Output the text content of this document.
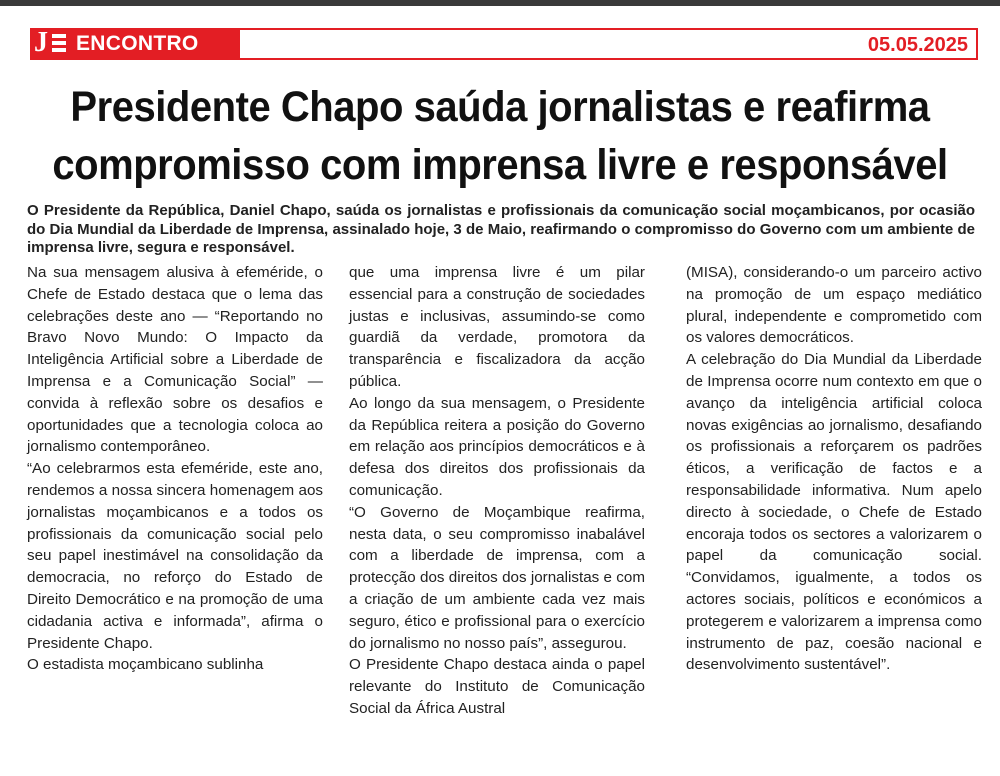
J ENCONTRO	05.05.2025
Presidente Chapo saúda jornalistas e reafirma
compromisso com imprensa livre e responsável
O Presidente da República, Daniel Chapo, saúda os jornalistas e profissionais da comunicação social moçambicanos, por ocasião do Dia Mundial da Liberdade de Imprensa, assinalado hoje, 3 de Maio, reafirmando o compromisso do Governo com um ambiente de imprensa livre, segura e responsável.

Na sua mensagem alusiva à efeméride, o Chefe de Estado destaca que o lema das celebrações deste ano — “Reportando no Bravo Novo Mundo: O Impacto da Inteligência Artificial sobre a Liberdade de Imprensa e a Comunicação Social” — convida à reflexão sobre os desafios e oportunidades que a tecnologia coloca ao jornalismo contemporâneo.

“Ao celebrarmos esta efeméride, este ano, rendemos a nossa sincera homenagem aos jornalistas moçambicanos e a todos os profissionais da comunicação social pelo seu papel inestimável na consolidação da democracia, no reforço do Estado de Direito Democrático e na promoção de uma cidadania activa e informada”, afirma o Presidente Chapo.

O estadista moçambicano sublinha

que uma imprensa livre é um pilar essencial para a construção de sociedades justas e inclusivas, assumindo-se como guardiã da verdade, promotora da transparência e fiscalizadora da acção pública.

Ao longo da sua mensagem, o Presidente da República reitera a posição do Governo em relação aos princípios democráticos e à defesa dos direitos dos profissionais da comunicação.

“O Governo de Moçambique reafirma, nesta data, o seu compromisso inabalável com a liberdade de imprensa, com a protecção dos direitos dos jornalistas e com a criação de um ambiente cada vez mais seguro, ético e profissional para o exercício do jornalismo no nosso país”, assegurou.

O Presidente Chapo destaca ainda o papel relevante do Instituto de Comunicação Social da África Austral

(MISA), considerando-o um parceiro activo na promoção de um espaço mediático plural, independente e comprometido com os valores democráticos.

A celebração do Dia Mundial da Liberdade de Imprensa ocorre num contexto em que o avanço da inteligência artificial coloca novas exigências ao jornalismo, desafiando os profissionais a reforçarem os padrões éticos, a verificação de factos e a responsabilidade informativa. Num apelo directo à sociedade, o Chefe de Estado encoraja todos os sectores a valorizarem o papel da comunicação social. “Convidamos, igualmente, a todos os actores sociais, políticos e económicos a protegerem e valorizarem a imprensa como instrumento de paz, coesão nacional e desenvolvimento sustentável”.
